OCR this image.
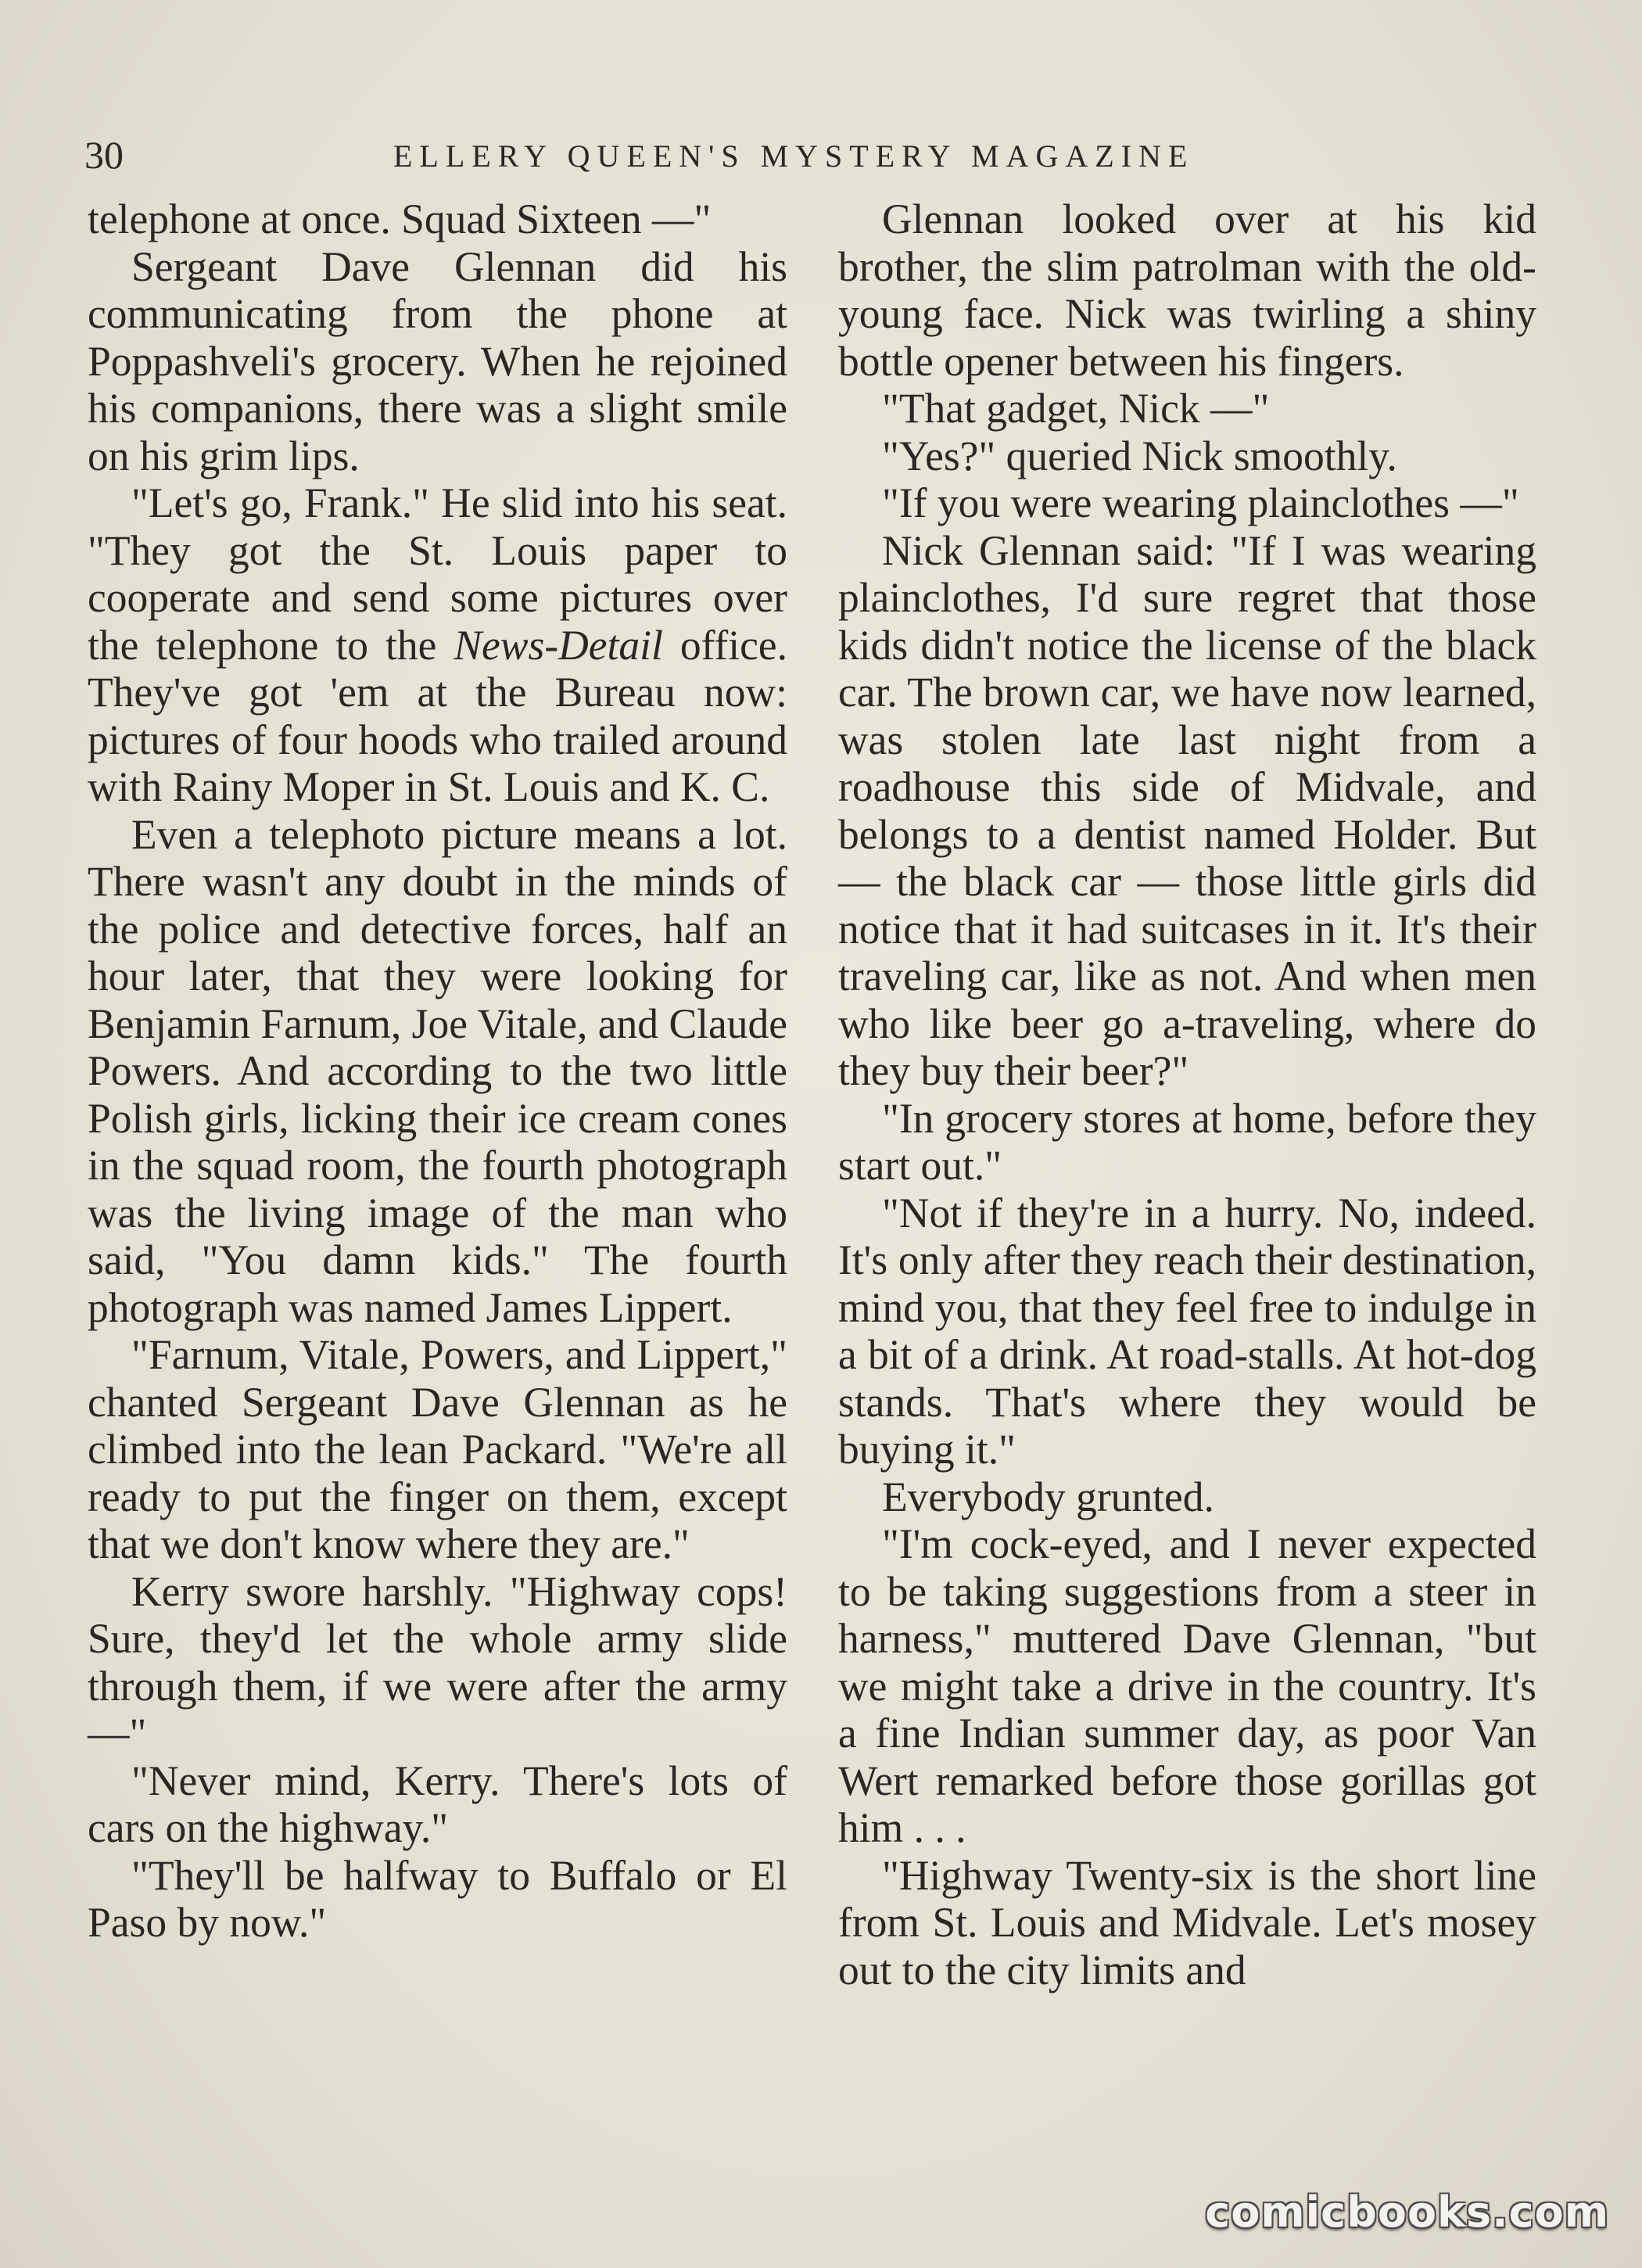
30	ELLERY QUEEN'S MYSTERY MAGAZINE

telephone at once. Squad Sixteen —"

Sergeant Dave Glennan did his communicating from the phone at Poppashveli's grocery. When he rejoined his companions, there was a slight smile on his grim lips.

"Let's go, Frank." He slid into his seat. "They got the St. Louis paper to cooperate and send some pictures over the telephone to the News-Detail office. They've got 'em at the Bureau now: pictures of four hoods who trailed around with Rainy Moper in St. Louis and K. C.

Even a telephoto picture means a lot. There wasn't any doubt in the minds of the police and detective forces, half an hour later, that they were looking for Benjamin Farnum, Joe Vitale, and Claude Powers. And according to the two little Polish girls, licking their ice cream cones in the squad room, the fourth photograph was the living image of the man who said, "You damn kids." The fourth photograph was named James Lippert.

"Farnum, Vitale, Powers, and Lippert," chanted Sergeant Dave Glennan as he climbed into the lean Packard. "We're all ready to put the finger on them, except that we don't know where they are."

Kerry swore harshly. "Highway cops! Sure, they'd let the whole army slide through them, if we were after the army —"

"Never mind, Kerry. There's lots of cars on the highway."

"They'll be halfway to Buffalo or El Paso by now."

Glennan looked over at his kid brother, the slim patrolman with the old-young face. Nick was twirling a shiny bottle opener between his fingers.

"That gadget, Nick —"

"Yes?" queried Nick smoothly.

"If you were wearing plainclothes —"

Nick Glennan said: "If I was wearing plainclothes, I'd sure regret that those kids didn't notice the license of the black car. The brown car, we have now learned, was stolen late last night from a roadhouse this side of Midvale, and belongs to a dentist named Holder. But — the black car — those little girls did notice that it had suitcases in it. It's their traveling car, like as not. And when men who like beer go a-traveling, where do they buy their beer?"

"In grocery stores at home, before they start out."

"Not if they're in a hurry. No, indeed. It's only after they reach their destination, mind you, that they feel free to indulge in a bit of a drink. At road-stalls. At hot-dog stands. That's where they would be buying it."

Everybody grunted.

"I'm cock-eyed, and I never expected to be taking suggestions from a steer in harness," muttered Dave Glennan, "but we might take a drive in the country. It's a fine Indian summer day, as poor Van Wert remarked before those gorillas got him . . .

"Highway Twenty-six is the short line from St. Louis and Midvale. Let's mosey out to the city limits and

comicbooks.com
